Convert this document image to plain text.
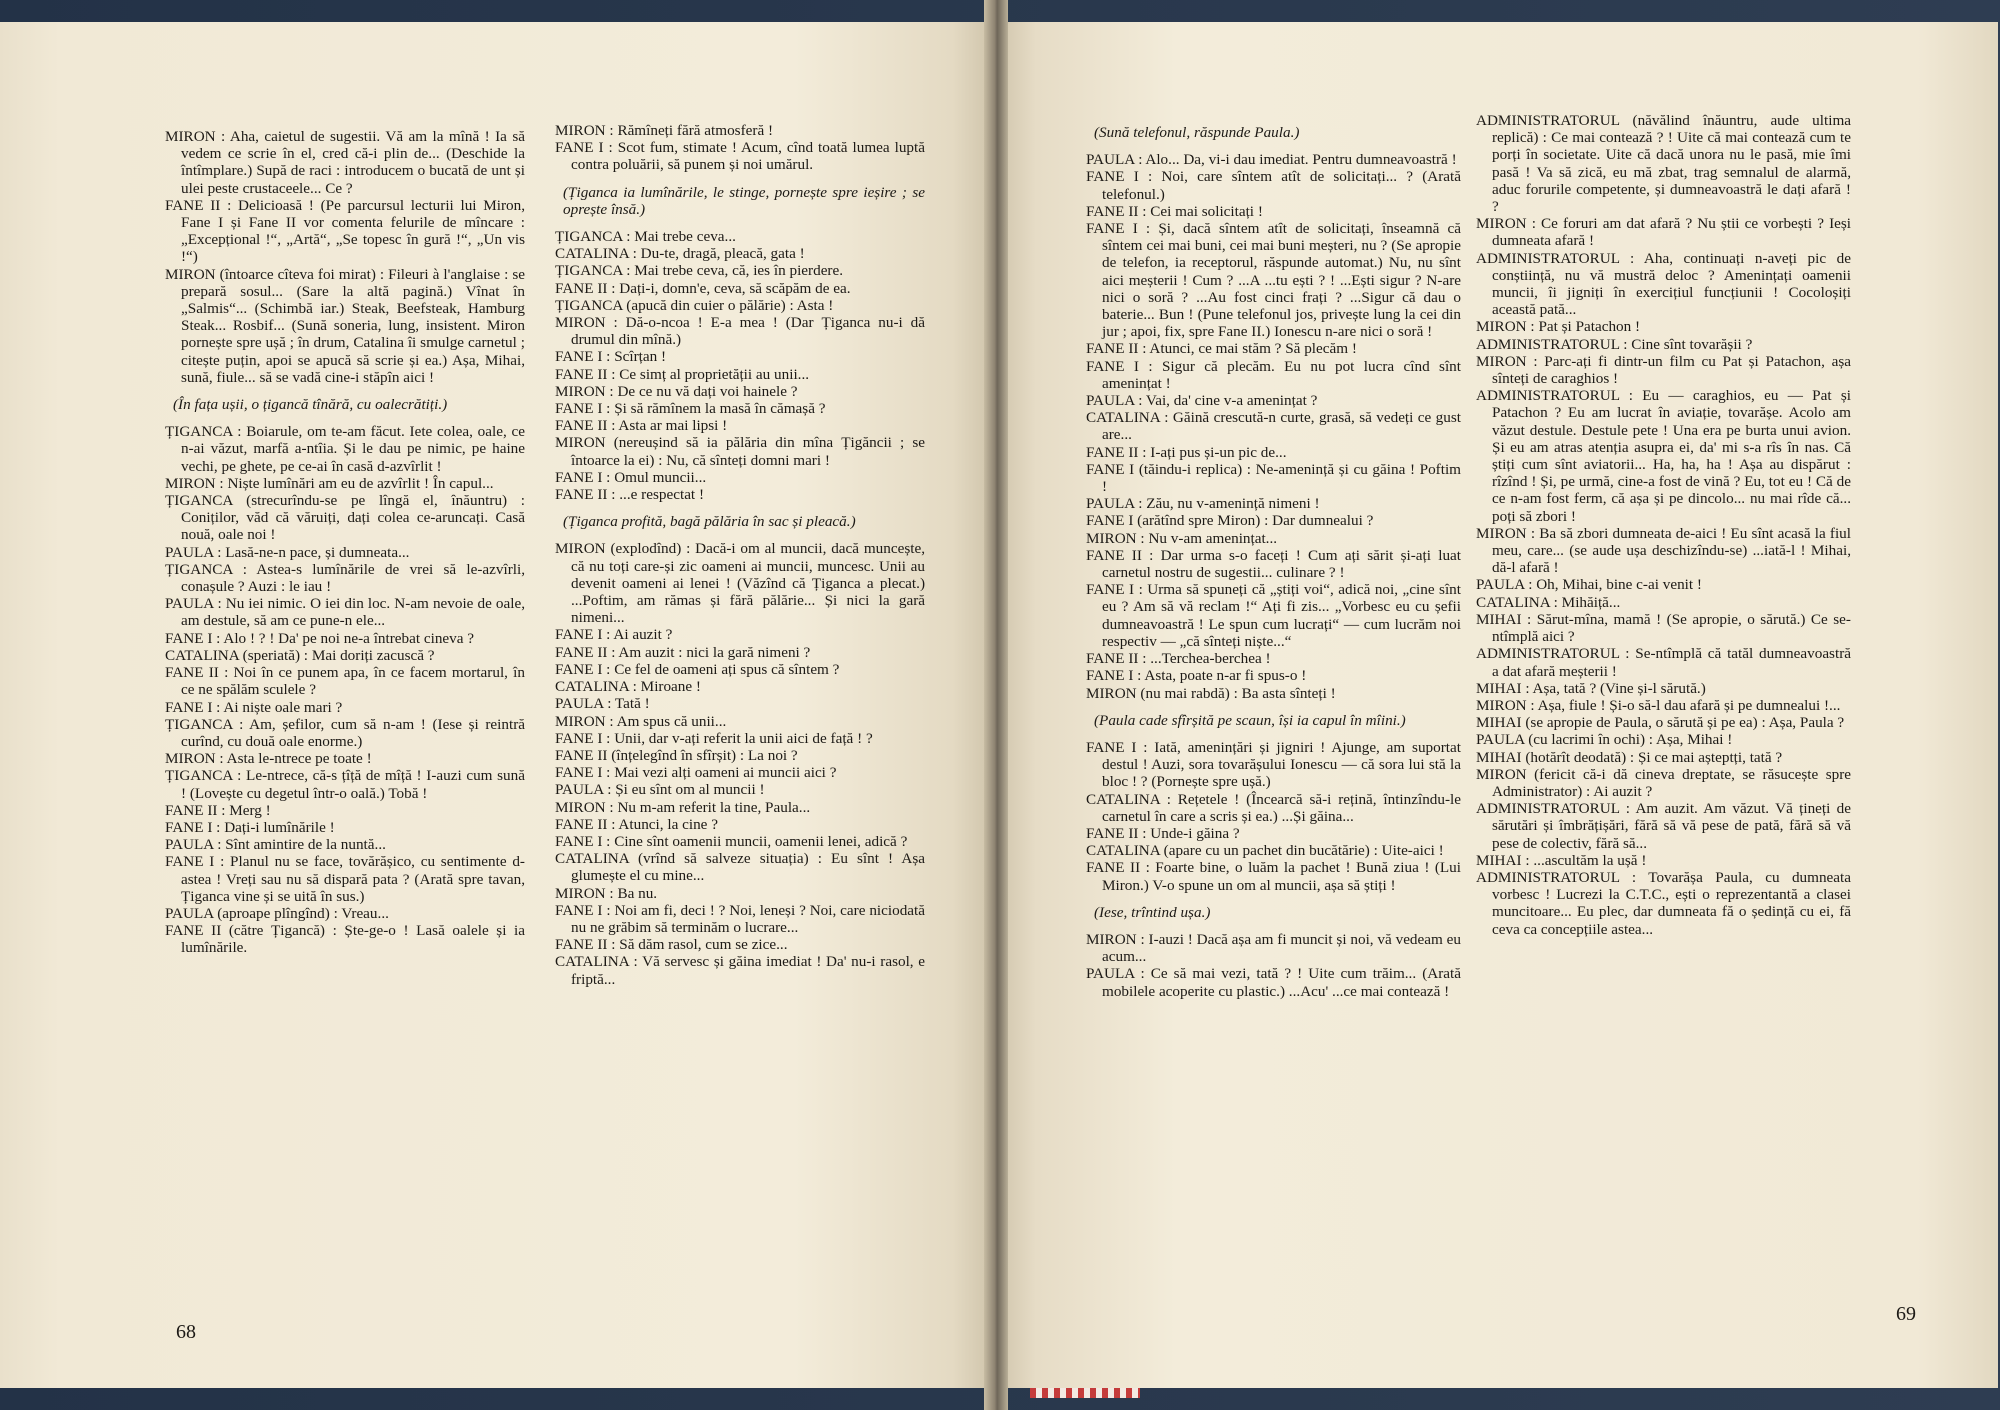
MIRON : Aha, caietul de sugestii. Vă am la mînă ! Ia să vedem ce scrie în el, cred că-i plin de... (Deschide la întîmplare.) Supă de raci : introducem o bucată de unt și ulei peste crustaceele... Ce ?

FANE II : Delicioasă ! (Pe parcursul lecturii lui Miron, Fane I și Fane II vor comenta felurile de mîncare : „Excepțional !“, „Artă“, „Se topesc în gură !“, „Un vis !“)

MIRON (întoarce cîteva foi mirat) : Fileuri à l'anglaise : se prepară sosul... (Sare la altă pagină.) Vînat în „Salmis“... (Schimbă iar.) Steak, Beefsteak, Hamburg Steak... Rosbif... (Sună soneria, lung, insistent. Miron pornește spre ușă ; în drum, Catalina îi smulge carnetul ; citește puțin, apoi se apucă să scrie și ea.) Așa, Mihai, sună, fiule... să se vadă cine-i stăpîn aici !

(În fața ușii, o țigancă tînără, cu oalecrătiți.)

ȚIGANCA : Boiarule, om te-am făcut. Iete colea, oale, ce n-ai văzut, marfă a-ntîia. Și le dau pe nimic, pe haine vechi, pe ghete, pe ce-ai în casă d-azvîrlit !

MIRON : Niște lumînări am eu de azvîrlit ! În capul...

ȚIGANCA (strecurîndu-se pe lîngă el, înăuntru) : Coniților, văd că văruiți, dați colea ce-aruncați. Casă nouă, oale noi !

PAULA : Lasă-ne-n pace, și dumneata...

ȚIGANCA : Astea-s lumînările de vrei să le-azvîrli, conașule ? Auzi : le iau !

PAULA : Nu iei nimic. O iei din loc. N-am nevoie de oale, am destule, să am ce pune-n ele...

FANE I : Alo ! ? ! Da' pe noi ne-a întrebat cineva ?

CATALINA (speriată) : Mai doriți zacuscă ?

FANE II : Noi în ce punem apa, în ce facem mortarul, în ce ne spălăm sculele ?

FANE I : Ai niște oale mari ?

ȚIGANCA : Am, șefilor, cum să n-am ! (Iese și reintră curînd, cu două oale enorme.)

MIRON : Asta le-ntrece pe toate !

ȚIGANCA : Le-ntrece, că-s țîță de mîță ! I-auzi cum sună ! (Lovește cu degetul într-o oală.) Tobă !

FANE II : Merg !

FANE I : Dați-i lumînările !

PAULA : Sînt amintire de la nuntă...

FANE I : Planul nu se face, tovărășico, cu sentimente d-astea ! Vreți sau nu să dispară pata ? (Arată spre tavan, Țiganca vine și se uită în sus.)

PAULA (aproape plîngînd) : Vreau...

FANE II (către Țigancă) : Ște-ge-o ! Lasă oalele și ia lumînările.

MIRON : Rămîneți fără atmosferă !

FANE I : Scot fum, stimate ! Acum, cînd toată lumea luptă contra poluării, să punem și noi umărul.

(Țiganca ia lumînările, le stinge, pornește spre ieșire ; se oprește însă.)

ȚIGANCA : Mai trebe ceva...

CATALINA : Du-te, dragă, pleacă, gata !

ȚIGANCA : Mai trebe ceva, că, ies în pierdere.

FANE II : Dați-i, domn'e, ceva, să scăpăm de ea.

ȚIGANCA (apucă din cuier o pălărie) : Asta !

MIRON : Dă-o-ncoa ! E-a mea ! (Dar Țiganca nu-i dă drumul din mînă.)

FANE I : Scîrțan !

FANE II : Ce simț al proprietății au unii...

MIRON : De ce nu vă dați voi hainele ?

FANE I : Și să rămînem la masă în cămașă ?

FANE II : Asta ar mai lipsi !

MIRON (nereușind să ia pălăria din mîna Țigăncii ; se întoarce la ei) : Nu, că sînteți domni mari !

FANE I : Omul muncii...

FANE II : ...e respectat !

(Țiganca profită, bagă pălăria în sac și pleacă.)

MIRON (explodînd) : Dacă-i om al muncii, dacă muncește, că nu toți care-și zic oameni ai muncii, muncesc. Unii au devenit oameni ai lenei ! (Văzînd că Țiganca a plecat.) ...Poftim, am rămas și fără pălărie... Și nici la gară nimeni...

FANE I : Ai auzit ?

FANE II : Am auzit : nici la gară nimeni ?

FANE I : Ce fel de oameni ați spus că sîntem ?

CATALINA : Miroane !

PAULA : Tată !

MIRON : Am spus că unii...

FANE I : Unii, dar v-ați referit la unii aici de față ! ?

FANE II (înțelegînd în sfîrșit) : La noi ?

FANE I : Mai vezi alți oameni ai muncii aici ?

PAULA : Și eu sînt om al muncii !

MIRON : Nu m-am referit la tine, Paula...

FANE II : Atunci, la cine ?

FANE I : Cine sînt oamenii muncii, oamenii lenei, adică ?

CATALINA (vrînd să salveze situația) : Eu sînt ! Așa glumește el cu mine...

MIRON : Ba nu.

FANE I : Noi am fi, deci ! ? Noi, leneși ? Noi, care niciodată nu ne grăbim să terminăm o lucrare...

FANE II : Să dăm rasol, cum se zice...

CATALINA : Vă servesc și găina imediat ! Da' nu-i rasol, e friptă...

68

(Sună telefonul, răspunde Paula.)

PAULA : Alo... Da, vi-i dau imediat. Pentru dumneavoastră !

FANE I : Noi, care sîntem atît de solicitați... ? (Arată telefonul.)

FANE II : Cei mai solicitați !

FANE I : Și, dacă sîntem atît de solicitați, înseamnă că sîntem cei mai buni, cei mai buni meșteri, nu ? (Se apropie de telefon, ia receptorul, răspunde automat.) Nu, nu sînt aici meșterii ! Cum ? ...A ...tu ești ? ! ...Ești sigur ? N-are nici o soră ? ...Au fost cinci frați ? ...Sigur că dau o baterie... Bun ! (Pune telefonul jos, privește lung la cei din jur ; apoi, fix, spre Fane II.) Ionescu n-are nici o soră !

FANE II : Atunci, ce mai stăm ? Să plecăm !

FANE I : Sigur că plecăm. Eu nu pot lucra cînd sînt amenințat !

PAULA : Vai, da' cine v-a amenințat ?

CATALINA : Găină crescută-n curte, grasă, să vedeți ce gust are...

FANE II : I-ați pus și-un pic de...

FANE I (tăindu-i replica) : Ne-amenință și cu găina ! Poftim !

PAULA : Zău, nu v-amenință nimeni !

FANE I (arătînd spre Miron) : Dar dumnealui ?

MIRON : Nu v-am amenințat...

FANE II : Dar urma s-o faceți ! Cum ați sărit și-ați luat carnetul nostru de sugestii... culinare ? !

FANE I : Urma să spuneți că „știți voi“, adică noi, „cine sînt eu ? Am să vă reclam !“ Ați fi zis... „Vorbesc eu cu șefii dumneavoastră ! Le spun cum lucrați“ — cum lucrăm noi respectiv — „că sînteți niște...“

FANE II : ...Terchea-berchea !

FANE I : Asta, poate n-ar fi spus-o !

MIRON (nu mai rabdă) : Ba asta sînteți !

(Paula cade sfîrșită pe scaun, își ia capul în mîini.)

FANE I : Iată, amenințări și jigniri ! Ajunge, am suportat destul ! Auzi, sora tovarășului Ionescu — că sora lui stă la bloc ! ? (Pornește spre ușă.)

CATALINA : Rețetele ! (Încearcă să-i rețină, întinzîndu-le carnetul în care a scris și ea.) ...Și găina...

FANE II : Unde-i găina ?

CATALINA (apare cu un pachet din bucătărie) : Uite-aici !

FANE II : Foarte bine, o luăm la pachet ! Bună ziua ! (Lui Miron.) V-o spune un om al muncii, așa să știți !

(Iese, trîntind ușa.)

MIRON : I-auzi ! Dacă așa am fi muncit și noi, vă vedeam eu acum...

PAULA : Ce să mai vezi, tată ? ! Uite cum trăim... (Arată mobilele acoperite cu plastic.) ...Acu' ...ce mai contează !

ADMINISTRATORUL (năvălind înăuntru, aude ultima replică) : Ce mai contează ? ! Uite că mai contează cum te porți în societate. Uite că dacă unora nu le pasă, mie îmi pasă ! Va să zică, eu mă zbat, trag semnalul de alarmă, aduc forurile competente, și dumneavoastră le dați afară ! ?

MIRON : Ce foruri am dat afară ? Nu știi ce vorbești ? Ieși dumneata afară !

ADMINISTRATORUL : Aha, continuați n-aveți pic de conștiință, nu vă mustră deloc ? Amenințați oamenii muncii, îi jigniți în exercițiul funcțiunii ! Cocoloșiți această pată...

MIRON : Pat și Patachon !

ADMINISTRATORUL : Cine sînt tovarășii ?

MIRON : Parc-ați fi dintr-un film cu Pat și Patachon, așa sînteți de caraghios !

ADMINISTRATORUL : Eu — caraghios, eu — Pat și Patachon ? Eu am lucrat în aviație, tovarășe. Acolo am văzut destule. Destule pete ! Una era pe burta unui avion. Și eu am atras atenția asupra ei, da' mi s-a rîs în nas. Că știți cum sînt aviatorii... Ha, ha, ha ! Așa au dispărut : rîzînd ! Și, pe urmă, cine-a fost de vină ? Eu, tot eu ! Că de ce n-am fost ferm, că așa și pe dincolo... nu mai rîde că... poți să zbori !

MIRON : Ba să zbori dumneata de-aici ! Eu sînt acasă la fiul meu, care... (se aude ușa deschizîndu-se) ...iată-l ! Mihai, dă-l afară !

PAULA : Oh, Mihai, bine c-ai venit !

CATALINA : Mihăiță...

MIHAI : Sărut-mîna, mamă ! (Se apropie, o sărută.) Ce se-ntîmplă aici ?

ADMINISTRATORUL : Se-ntîmplă că tatăl dumneavoastră a dat afară meșterii !

MIHAI : Așa, tată ? (Vine și-l sărută.)

MIRON : Așa, fiule ! Și-o să-l dau afară și pe dumnealui !...

MIHAI (se apropie de Paula, o sărută și pe ea) : Așa, Paula ?

PAULA (cu lacrimi în ochi) : Așa, Mihai !

MIHAI (hotărît deodată) : Și ce mai așteptți, tată ?

MIRON (fericit că-i dă cineva dreptate, se răsucește spre Administrator) : Ai auzit ?

ADMINISTRATORUL : Am auzit. Am văzut. Vă țineți de sărutări și îmbrățișări, fără să vă pese de pată, fără să vă pese de colectiv, fără să...

MIHAI : ...ascultăm la ușă !

ADMINISTRATORUL : Tovarășa Paula, cu dumneata vorbesc ! Lucrezi la C.T.C., ești o reprezentantă a clasei muncitoare... Eu plec, dar dumneata fă o ședință cu ei, fă ceva ca concepțiile astea...

69
